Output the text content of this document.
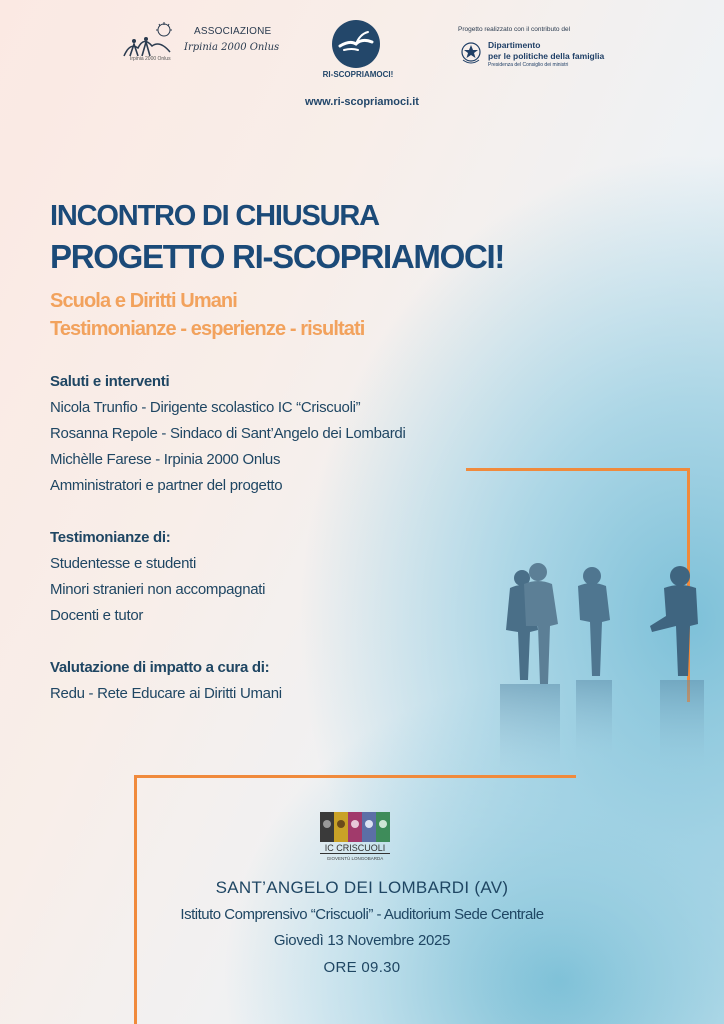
ASSOCIAZIONE
Irpinia 2000 Onlus
Irpinia 2000 Onlus
RI-SCOPRIAMOCI!
Progetto realizzato con il contributo del
Dipartimento
per le politiche della famiglia
Presidenza del Consiglio dei ministri
www.ri-scopriamoci.it
INCONTRO DI CHIUSURA
PROGETTO RI-SCOPRIAMOCI!
Scuola e Diritti Umani
Testimonianze - esperienze - risultati
Saluti e interventi
Nicola Trunfio - Dirigente scolastico IC “Criscuoli”
Rosanna Repole - Sindaco di Sant’Angelo dei Lombardi
Michèlle Farese - Irpinia 2000 Onlus
Amministratori e partner del progetto
Testimonianze di:
Studentesse e studenti
Minori stranieri non accompagnati
Docenti e tutor
Valutazione di impatto a cura di:
Redu - Rete Educare ai Diritti Umani
IC CRISCUOLI
GIOVENTÙ LONGOBARDA
SANT’ANGELO DEI LOMBARDI (AV)
Istituto Comprensivo “Criscuoli” - Auditorium Sede Centrale
Giovedì 13 Novembre 2025
ORE 09.30
